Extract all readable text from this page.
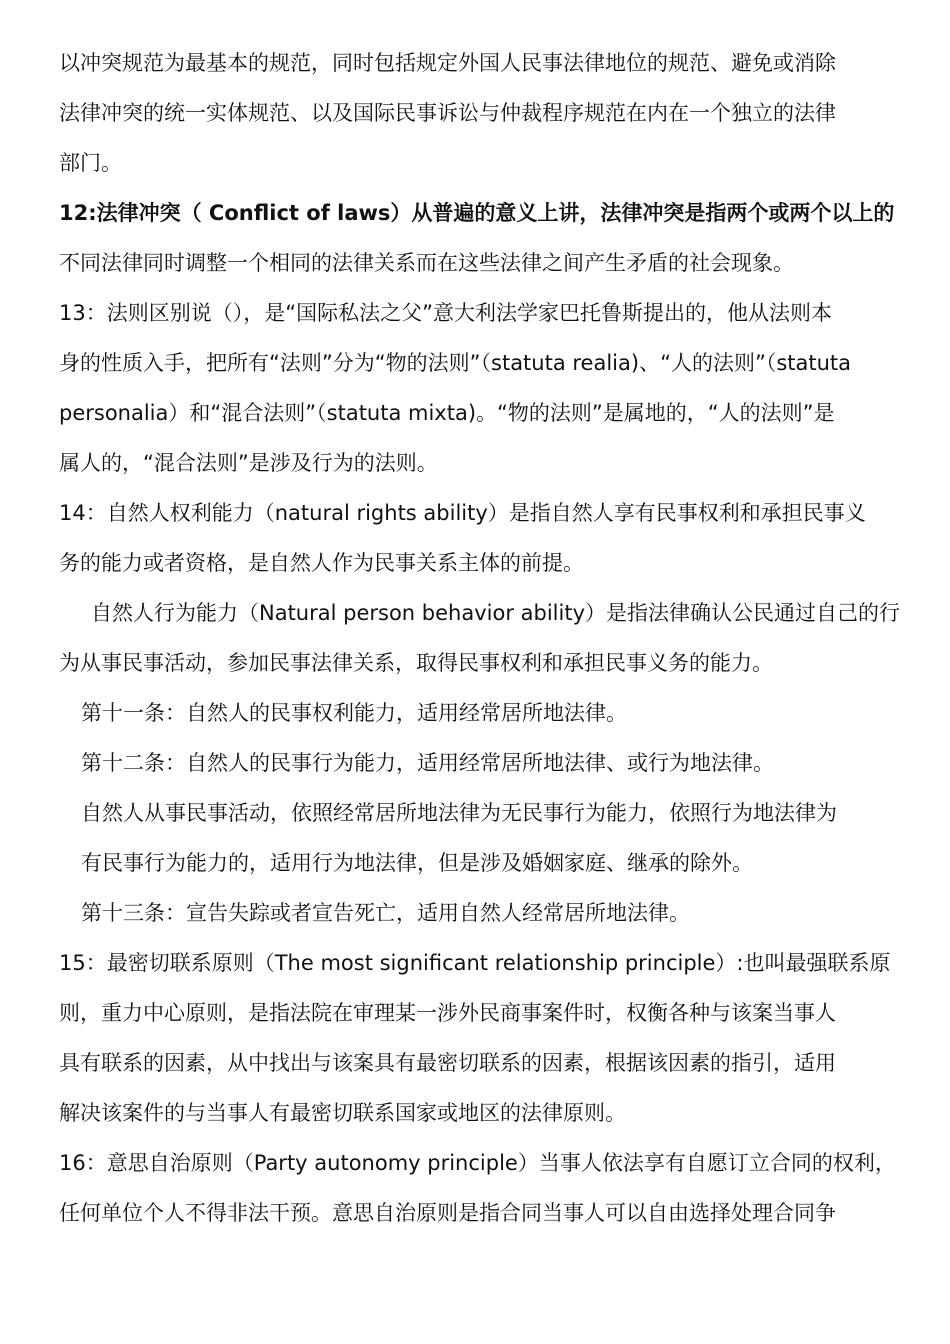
以冲突规范为最基本的规范，同时包括规定外国人民事法律地位的规范、避免或消除
法律冲突的统一实体规范、以及国际民事诉讼与仲裁程序规范在内在一个独立的法律
部门。
12:法律冲突（ Conflict of laws）从普遍的意义上讲，法律冲突是指两个或两个以上的
不同法律同时调整一个相同的法律关系而在这些法律之间产生矛盾的社会现象。
13：法则区别说（），是“国际私法之父”意大利法学家巴托鲁斯提出的，他从法则本
身的性质入手，把所有“法则”分为“物的法则”（statuta realia)、“人的法则”（statuta
personalia）和“混合法则”（statuta mixta)。“物的法则”是属地的，“人的法则”是
属人的，“混合法则”是涉及行为的法则。
14：自然人权利能力（natural rights ability）是指自然人享有民事权利和承担民事义
务的能力或者资格，是自然人作为民事关系主体的前提。
自然人行为能力（Natural person behavior ability）是指法律确认公民通过自己的行
为从事民事活动，参加民事法律关系，取得民事权利和承担民事义务的能力。
第十一条：自然人的民事权利能力，适用经常居所地法律。
第十二条：自然人的民事行为能力，适用经常居所地法律、或行为地法律。
自然人从事民事活动，依照经常居所地法律为无民事行为能力，依照行为地法律为
有民事行为能力的，适用行为地法律，但是涉及婚姻家庭、继承的除外。
第十三条：宣告失踪或者宣告死亡，适用自然人经常居所地法律。
15：最密切联系原则（The most significant relationship principle）:也叫最强联系原
则，重力中心原则，是指法院在审理某一涉外民商事案件时，权衡各种与该案当事人
具有联系的因素，从中找出与该案具有最密切联系的因素，根据该因素的指引，适用
解决该案件的与当事人有最密切联系国家或地区的法律原则。
16：意思自治原则（Party autonomy principle）当事人依法享有自愿订立合同的权利，
任何单位个人不得非法干预。意思自治原则是指合同当事人可以自由选择处理合同争
